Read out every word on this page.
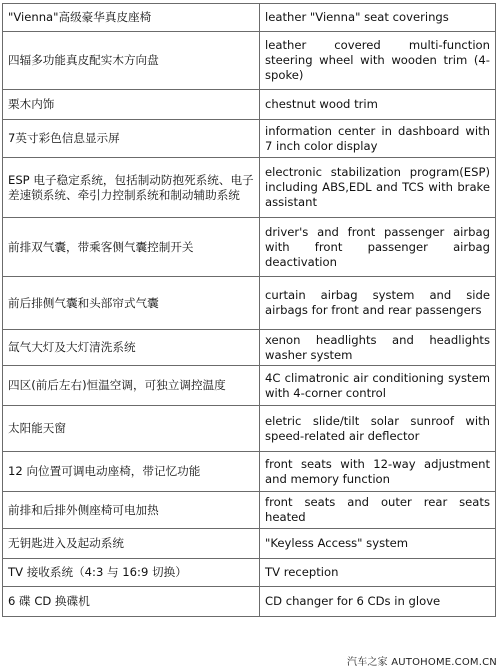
"Vienna"高级豪华真皮座椅	leather "Vienna" seat coverings
四辐多功能真皮配实木方向盘	leather covered multi-function steering wheel with wooden trim (4-spoke)
栗木内饰	chestnut wood trim
7英寸彩色信息显示屏	information center in dashboard with 7 inch color display
ESP 电子稳定系统，包括制动防抱死系统、电子差速锁系统、牵引力控制系统和制动辅助系统	electronic stabilization program(ESP) including ABS,EDL and TCS with brake assistant
前排双气囊，带乘客侧气囊控制开关	driver's and front passenger airbag with front passenger airbag deactivation
前后排侧气囊和头部帘式气囊	curtain airbag system and side airbags for front and rear passengers
氙气大灯及大灯清洗系统	xenon headlights and headlights washer system
四区(前后左右)恒温空调，可独立调控温度	4C climatronic air conditioning system with 4-corner control
太阳能天窗	eletric slide/tilt solar sunroof with speed-related air deflector
12 向位置可调电动座椅，带记忆功能	front seats with 12-way adjustment and memory function
前排和后排外侧座椅可电加热	front seats and outer rear seats heated
无钥匙进入及起动系统	"Keyless Access" system
TV 接收系统（4:3 与 16:9 切换）	TV reception
6 碟 CD 换碟机	CD changer for 6 CDs in glove
汽车之家 AUTOHOME.COM.CN
